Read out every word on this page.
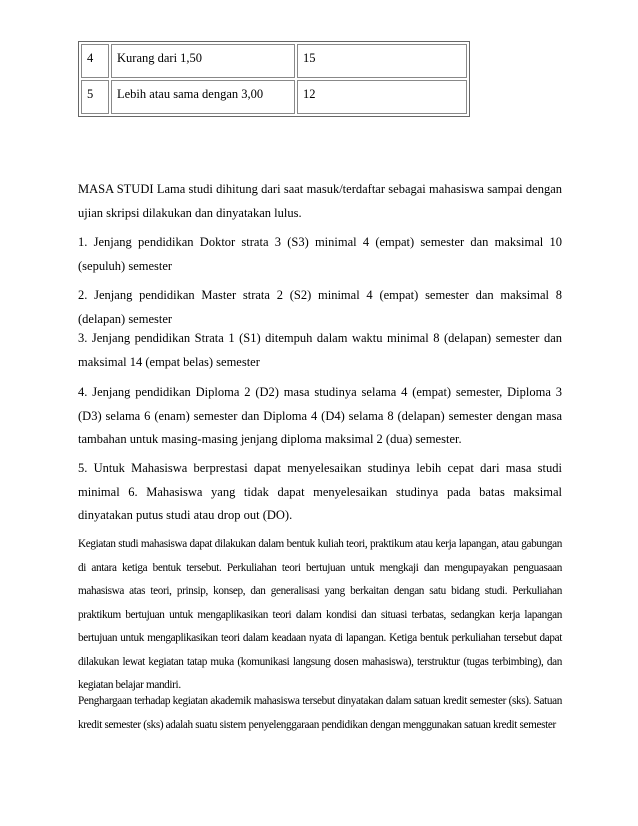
4	Kurang dari 1,50	15
5	Lebih atau sama dengan 3,00	12

MASA STUDI Lama studi dihitung dari saat masuk/terdaftar sebagai mahasiswa sampai dengan ujian skripsi dilakukan dan dinyatakan lulus.

1. Jenjang pendidikan Doktor strata 3 (S3) minimal 4 (empat) semester dan maksimal 10 (sepuluh) semester

2. Jenjang pendidikan Master strata 2 (S2) minimal 4 (empat) semester dan maksimal 8 (delapan) semester

3. Jenjang pendidikan Strata 1 (S1) ditempuh dalam waktu minimal 8 (delapan) semester dan maksimal 14 (empat belas) semester

4. Jenjang pendidikan Diploma 2 (D2) masa studinya selama 4 (empat) semester, Diploma 3 (D3) selama 6 (enam) semester dan Diploma 4 (D4) selama 8 (delapan) semester dengan masa tambahan untuk masing-masing jenjang diploma maksimal 2 (dua) semester.

5. Untuk Mahasiswa berprestasi dapat menyelesaikan studinya lebih cepat dari masa studi minimal 6. Mahasiswa yang tidak dapat menyelesaikan studinya pada batas maksimal dinyatakan putus studi atau drop out (DO).

Kegiatan studi mahasiswa dapat dilakukan dalam bentuk kuliah teori, praktikum atau kerja lapangan, atau gabungan di antara ketiga bentuk tersebut. Perkuliahan teori bertujuan untuk mengkaji dan mengupayakan penguasaan mahasiswa atas teori, prinsip, konsep, dan generalisasi yang berkaitan dengan satu bidang studi. Perkuliahan praktikum bertujuan untuk mengaplikasikan teori dalam kondisi dan situasi terbatas, sedangkan kerja lapangan bertujuan untuk mengaplikasikan teori dalam keadaan nyata di lapangan. Ketiga bentuk perkuliahan tersebut dapat dilakukan lewat kegiatan tatap muka (komunikasi langsung dosen mahasiswa), terstruktur (tugas terbimbing), dan kegiatan belajar mandiri.

Penghargaan terhadap kegiatan akademik mahasiswa tersebut dinyatakan dalam satuan kredit semester (sks). Satuan kredit semester (sks) adalah suatu sistem penyelenggaraan pendidikan dengan menggunakan satuan kredit semester
